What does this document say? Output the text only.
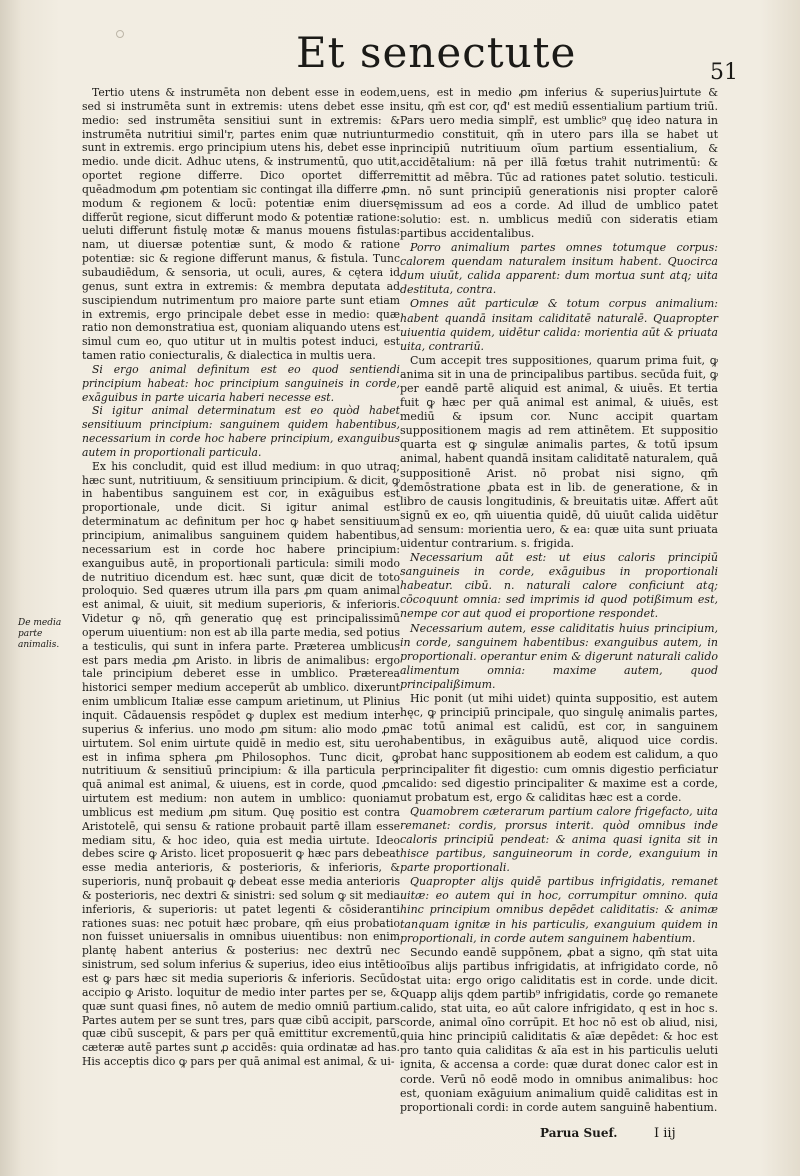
Et senectute	51
De media parte animalis.

Tertio utens & instrumēta non debent esse in eodem, sed si instrumēta sunt in extremis: utens debet esse in medio: sed instrumēta sensitiui sunt in extremis: & instrumēta nutritiui simil'r, partes enim quæ nutriuntur sunt in extremis. ergo principium utens his, debet esse in medio. unde dicit. Adhuc utens, & instrumentū, quo utit, oportet regione differre. Dico oportet differre quēadmodum ꝓm potentiam sic contingat illa differre ꝓm modum & regionem & locū: potentiæ enim diuersę differūt regione, sicut differunt modo & potentiæ ratione: ueluti differunt fistulę motæ & manus mouens fistulas: nam, ut diuersæ potentiæ sunt, & modo & ratione potentiæ: sic & regione differunt manus, & fistula. Tunc subaudiēdum, & sensoria, ut oculi, aures, & cętera id genus, sunt extra in extremis: & membra deputata ad suscipiendum nutrimentum pro maiore parte sunt etiam in extremis, ergo principale debet esse in medio: quæ ratio non demonstratiua est, quoniam aliquando utens est simul cum eo, quo utitur ut in multis potest induci, est tamen ratio coniecturalis, & dialectica in multis uera.

Si ergo animal definitum est eo quod sentiendi principium habeat: hoc principium sanguineis in corde, exāguibus in parte uicaria haberi necesse est.

Si igitur animal determinatum est eo quòd habet sensitiuum principium: sanguinem quidem habentibus, necessarium in corde hoc habere principium, exanguibus autem in proportionali particula.

Ex his concludit, quid est illud medium: in quo utraq; hæc sunt, nutritiuum, & sensitiuum principium. & dicit, ꝙ in habentibus sanguinem est cor, in exāguibus est proportionale, unde dicit. Si igitur animal est determinatum ac definitum per hoc ꝙ habet sensitiuum principium, animalibus sanguinem quidem habentibus, necessarium est in corde hoc habere principium: exanguibus autē, in proportionali particula: simili modo de nutritiuo dicendum est. hæc sunt, quæ dicit de toto proloquio. Sed quæres utrum illa pars ꝓm quam animal est animal, & uiuit, sit medium superioris, & inferioris. Videtur ꝙ nō, qm̄ generatio quę est principalissimū operum uiuentium: non est ab illa parte media, sed potius a testiculis, qui sunt in infera parte. Præterea umblicus est pars media ꝓm Aristo. in libris de animalibus: ergo tale principium deberet esse in umblico. Præterea historici semper medium acceperūt ab umblico. dixerunt enim umblicum Italiæ esse campum arietinum, ut Plinius inquit. Cādauensis respōdet ꝙ duplex est medium inter superius & inferius. uno modo ꝓm situm: alio modo ꝓm uirtutem. Sol enim uirtute quidē in medio est, situ uero est in infima sphera ꝓm Philosophos. Tunc dicit, ꝙ nutritiuum & sensitiuū principium: & illa particula per quā animal est animal, & uiuens, est in corde, quod ꝓm uirtutem est medium: non autem in umblico: quoniam umblicus est medium ꝓm situm. Quę positio est contra Aristotelē, qui sensu & ratione probauit partē illam esse mediam situ, & hoc ideo, quia est media uirtute. Ideo debes scire ꝙ Aristo. licet proposuerit ꝙ hæc pars debeat esse media anterioris, & posterioris, & inferioris, & superioris, nunq̄ probauit ꝙ debeat esse media anterioris & posterioris, nec dextri & sinistri: sed solum ꝙ sit media inferioris, & superioris: ut patet legenti & cōsideranti rationes suas: nec potuit hæc probare, qm̄ eius probatio non fuisset uniuersalis in omnibus uiuentibus: non enim plantę habent anterius & posterius: nec dextrū nec sinistrum, sed solum inferius & superius, ideo eius intētio est ꝙ pars hæc sit media superioris & inferioris. Secūdo accipio ꝙ Aristo. loquitur de medio inter partes per se, & quæ sunt quasi fines, nō autem de medio omniū partium. Partes autem per se sunt tres, pars quæ cibū accipit, pars quæ cibū suscepit, & pars per quā emittitur excrementū, cæteræ autē partes sunt ꝓ accidēs: quia ordinatæ ad has. His acceptis dico ꝙ pars per quā animal est animal, & ui-

uens, est in medio ꝓm inferius & superius]uirtute & situ, qm̄ est cor, qđ' est mediū essentialium partium triū. Pars uero media simplr̄, est umblic⁹ quę ideo natura in medio constituit, qm̄ in utero pars illa se habet ut principiū nutritiuum oīum partium essentialium, & accidētalium: nā per illā fœtus trahit nutrimentū: & mittit ad mēbra. Tūc ad rationes patet solutio. testiculi. n. nō sunt principiū generationis nisi propter calorē missum ad eos a corde. Ad illud de umblico patet solutio: est. n. umblicus mediū con sideratis etiam partibus accidentalibus.

Porro animalium partes omnes totumque corpus: calorem quendam naturalem insitum habent. Quocirca dum uiuūt, calida apparent: dum mortua sunt atq; uita destituta, contra.

Omnes aūt particulæ & totum corpus animalium: habent quandā insitam caliditatē naturalē. Quapropter uiuentia quidem, uidētur calida: morientia aūt & priuata uita, contrariū.

Cum accepit tres suppositiones, quarum prima fuit, ꝙ anima sit in una de principalibus partibus. secūda fuit, ꝙ per eandē partē aliquid est animal, & uiuēs. Et tertia fuit ꝙ hæc per quā animal est animal, & uiuēs, est mediū & ipsum cor. Nunc accipit quartam suppositionem magis ad rem attinētem. Et suppositio quarta est ꝙ singulæ animalis partes, & totū ipsum animal, habent quandā insitam caliditatē naturalem, quā suppositionē Arist. nō probat nisi signo, qm̄ demōstratione ꝓbata est in lib. de generatione, & in libro de causis longitudinis, & breuitatis uitæ. Affert aūt signū ex eo, qm̄ uiuentia quidē, dū uiuūt calida uidētur ad sensum: morientia uero, & ea: quæ uita sunt priuata uidentur contrarium. s. frigida.

Necessarium aūt est: ut eius caloris principiū sanguineis in corde, exāguibus in proportionali habeatur. cibū. n. naturali calore conficiunt atq; cōcoquunt omnia: sed imprimis id quod potißimum est, nempe cor aut quod ei proportione respondet.

Necessarium autem, esse caliditatis huius principium, in corde, sanguinem habentibus: exanguibus autem, in proportionali. operantur enim & digerunt naturali calido alimentum omnia: maxime autem, quod principalißimum.

Hic ponit (ut mihi uidet) quinta suppositio, est autem hęc, ꝙ principiū principale, quo singulę animalis partes, ac totū animal est calidū, est cor, in sanguinem habentibus, in exāguibus autē, aliquod uice cordis. probat hanc suppositionem ab eodem est calidum, a quo principaliter fit digestio: cum omnis digestio perficiatur calido: sed digestio principaliter & maxime est a corde, ut probatum est, ergo & caliditas hæc est a corde.

Quamobrem cæterarum partium calore frigefacto, uita remanet: cordis, prorsus interit. quòd omnibus inde caloris principiū pendeat: & anima quasi ignita sit in hisce partibus, sanguineorum in corde, exanguium in parte proportionali.

Quapropter alijs quidē partibus infrigidatis, remanet uitæ: eo autem qui in hoc, corrumpitur omnino. quia hinc principium omnibus depēdet caliditatis: & animæ tanquam ignitæ in his particulis, exanguium quidem in proportionali, in corde autem sanguinem habentium.

Secundo eandē suppōnem, ꝓbat a signo, qm̄ stat uita oībus alijs partibus infrigidatis, at infrigidato corde, nō stat uita: ergo origo caliditatis est in corde. unde dicit. Quapp alijs qdem partib⁹ infrigidatis, corde ꝯo remanete calido, stat uita, eo aūt calore infrigidato, q est in hoc s. corde, animal oīno corrūpit. Et hoc nō est ob aliud, nisi, quia hinc principiū caliditatis & aīæ depēdet: & hoc est pro tanto quia caliditas & aīa est in his particulis ueluti ignita, & accensa a corde: quæ durat donec calor est in corde. Verū nō eodē modo in omnibus animalibus: hoc est, quoniam exāguium animalium quidē caliditas est in proportionali cordi: in corde autem sanguinē habentium.

Parua Suef.	I iij
